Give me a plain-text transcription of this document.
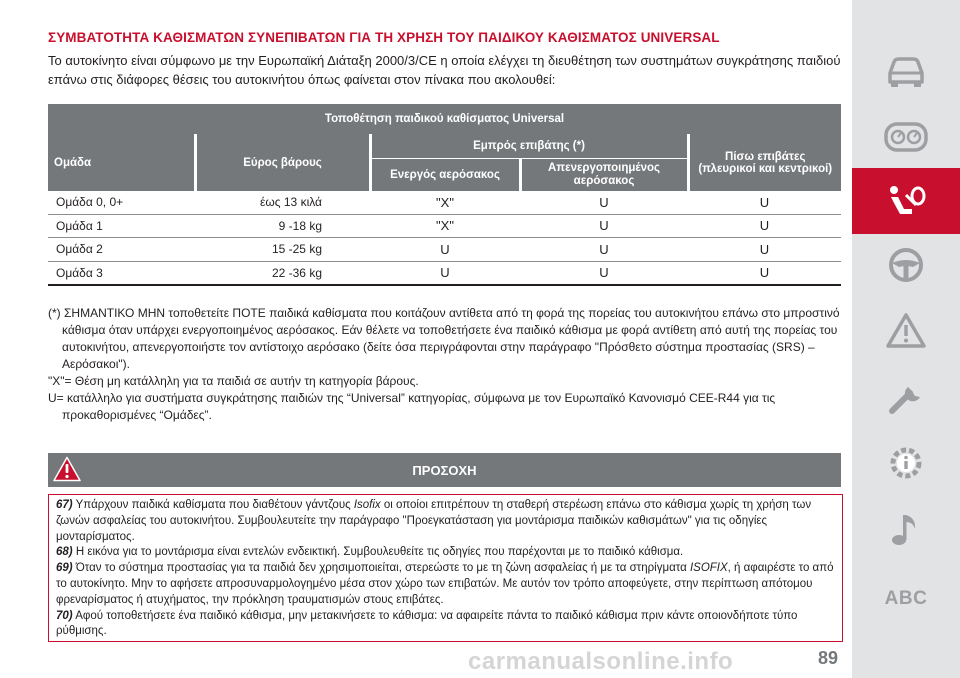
ΣΥΜΒΑΤΟΤΗΤΑ ΚΑΘΙΣΜΑΤΩΝ ΣΥΝΕΠΙΒΑΤΩΝ ΓΙΑ ΤΗ ΧΡΗΣΗ ΤΟΥ ΠΑΙΔΙΚΟΥ ΚΑΘΙΣΜΑΤΟΣ UNIVERSAL

Το αυτοκίνητο είναι σύμφωνο με την Ευρωπαϊκή Διάταξη 2000/3/CE η οποία ελέγχει τη διευθέτηση των συστημάτων συγκράτησης παιδιού επάνω στις διάφορες θέσεις του αυτοκινήτου όπως φαίνεται στον πίνακα που ακολουθεί:

Τοποθέτηση παιδικού καθίσματος Universal				
Ομάδα	Εύρος βάρους	Εμπρός επιβάτης (*)		Πίσω επιβάτες (πλευρικοί και κεντρικοί)
		Ενεργός αερόσακος	Απενεργοποιημένος αερόσακος	
Ομάδα 0, 0+	έως 13 κιλά	"X"	U	U
Ομάδα 1	9 -18 kg	"X"	U	U
Ομάδα 2	15 -25 kg	U	U	U
Ομάδα 3	22 -36 kg	U	U	U

(*) ΣΗΜΑΝΤΙΚΟ ΜΗΝ τοποθετείτε ΠΟΤΕ παιδικά καθίσματα που κοιτάζουν αντίθετα από τη φορά της πορείας του αυτοκινήτου επάνω στο μπροστινό κάθισμα όταν υπάρχει ενεργοποιημένος αερόσακος. Εάν θέλετε να τοποθετήσετε ένα παιδικό κάθισμα με φορά αντίθετη από αυτή της πορείας του αυτοκινήτου, απενεργοποιήστε τον αντίστοιχο αερόσακο (δείτε όσα περιγράφονται στην παράγραφο "Πρόσθετο σύστημα προστασίας (SRS) – Αερόσακοι").

"X"= Θέση μη κατάλληλη για τα παιδιά σε αυτήν τη κατηγορία βάρους.

U= κατάλληλο για συστήματα συγκράτησης παιδιών της “Universal” κατηγορίας, σύμφωνα με τον Ευρωπαϊκό Κανονισμό CEE-R44 για τις προκαθορισμένες “Ομάδες”.

ΠΡΟΣΟΧΗ

67) Υπάρχουν παιδικά καθίσματα που διαθέτουν γάντζους Isofix οι οποίοι επιτρέπουν τη σταθερή στερέωση επάνω στο κάθισμα χωρίς τη χρήση των ζωνών ασφαλείας του αυτοκινήτου. Συμβουλευτείτε την παράγραφο "Προεγκατάσταση για μοντάρισμα παιδικών καθισμάτων" για τις οδηγίες μονταρίσματος.

68) Η εικόνα για το μοντάρισμα είναι εντελών ενδεικτική. Συμβουλευθείτε τις οδηγίες που παρέχονται με το παιδικό κάθισμα.

69) Όταν το σύστημα προστασίας για τα παιδιά δεν χρησιμοποιείται, στερεώστε το με τη ζώνη ασφαλείας ή με τα στηρίγματα ISOFIX, ή αφαιρέστε το από το αυτοκίνητο. Μην το αφήσετε απροσυναρμολογημένο μέσα στον χώρο των επιβατών. Με αυτόν τον τρόπο αποφεύγετε, στην περίπτωση απότομου φρεναρίσματος ή ατυχήματος, την πρόκληση τραυματισμών στους επιβάτες.

70) Αφού τοποθετήσετε ένα παιδικό κάθισμα, μην μετακινήσετε το κάθισμα: να αφαιρείτε πάντα το παιδικό κάθισμα πριν κάντε οποιονδήποτε τύπο ρύθμισης.

carmanualsonline.info	89
ABC
